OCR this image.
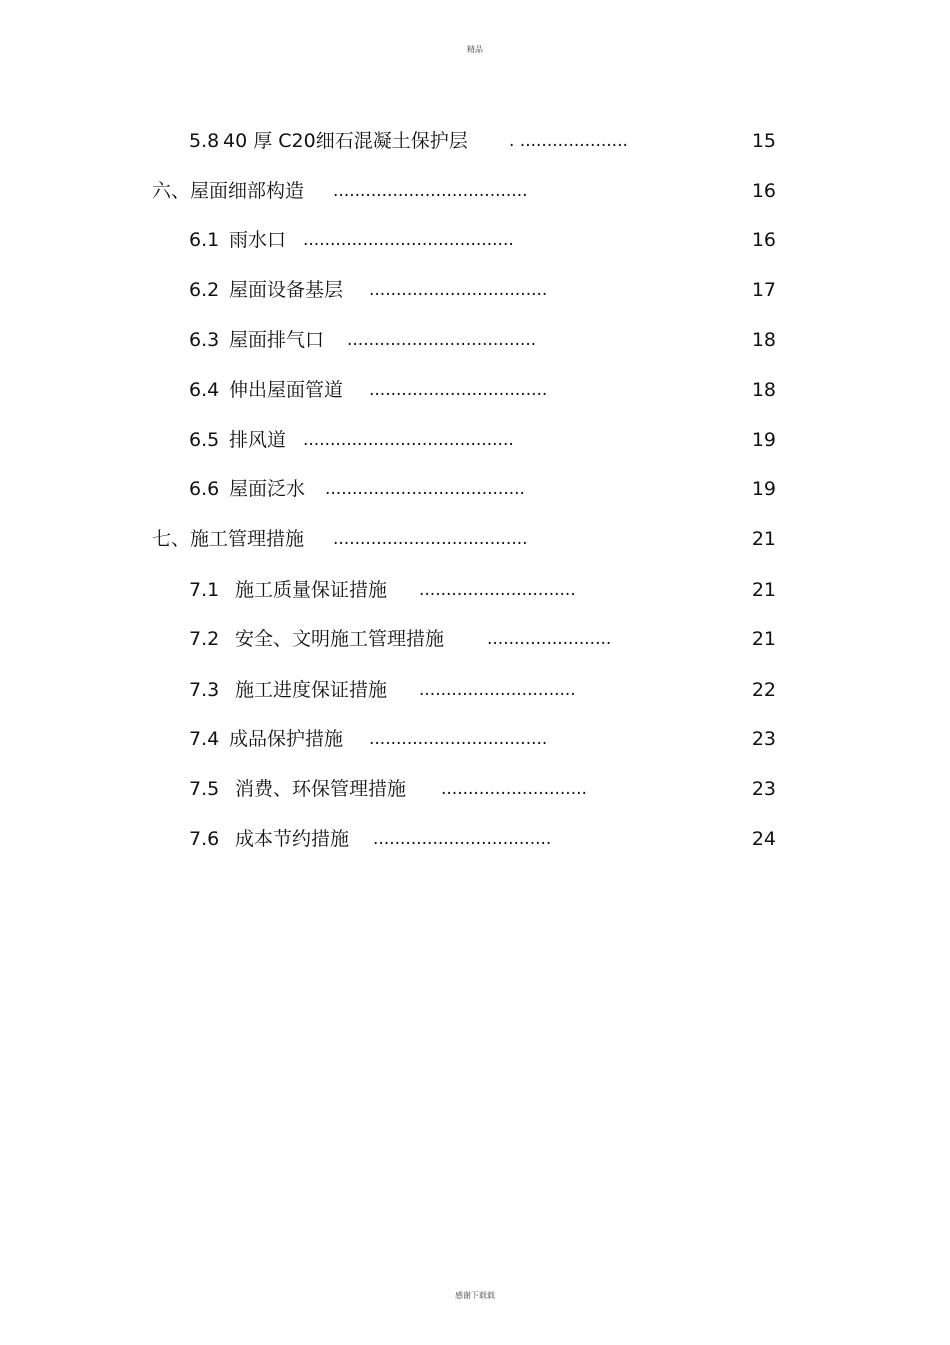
精品
5.8 40 厚 C20细石混凝土保护层 . ....................	15
六、屋面细部构造 ....................................	16
6.1 雨水口 .......................................	16
6.2 屋面设备基层 .................................	17
6.3 屋面排气口 ...................................	18
6.4 伸出屋面管道 .................................	18
6.5 排风道 .......................................	19
6.6 屋面泛水 .....................................	19
七、施工管理措施 ....................................	21
7.1 施工质量保证措施 .............................	21
7.2 安全、文明施工管理措施	.......................	21
7.3 施工进度保证措施 .............................	22
7.4 成品保护措施 .................................	23
7.5 消费、环保管理措施 ...........................	23
7.6 成本节约措施 .................................	24
感谢下载载
